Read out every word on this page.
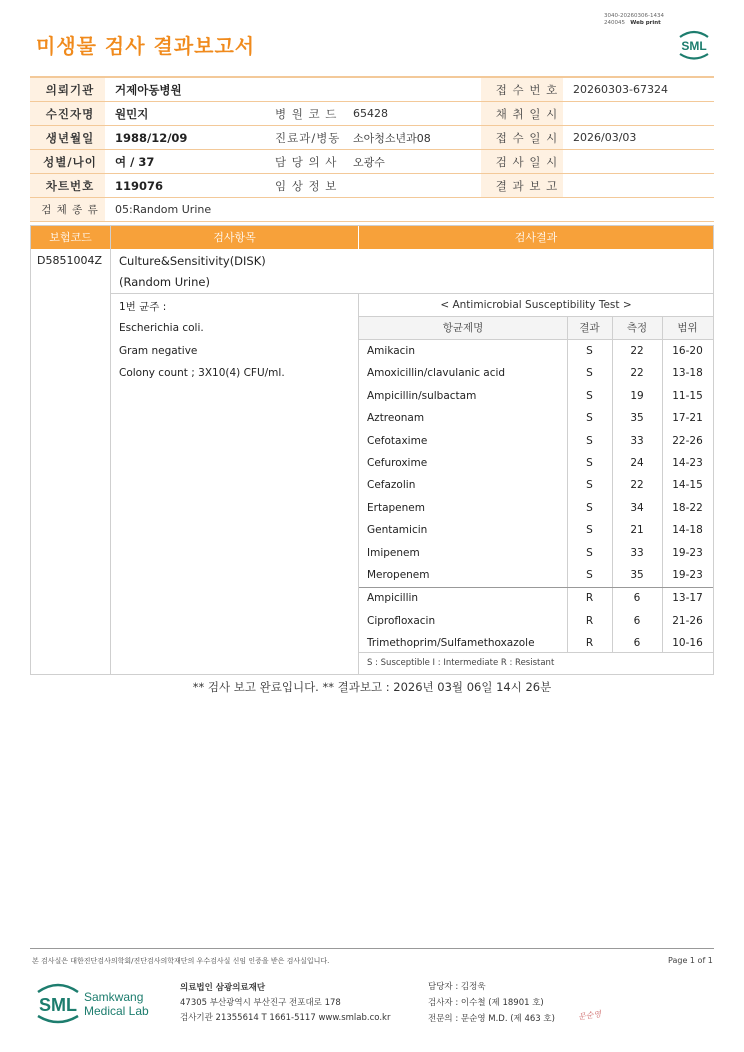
미생물 검사 결과보고서
3040-20260306-1434
240045 Web print
SML
의뢰기관	거제아동병원			접 수 번 호	20260303-67324
수진자명	원민지	병 원 코 드	65428	채 취 일 시	
생년월일	1988/12/09	진료과/병동	소아청소년과08	접 수 일 시	2026/03/03
성별/나이	여 / 37	담 당 의 사	오광수	검 사 일 시	
차트번호	119076	임 상 정 보		결 과 보 고	
검 체 종 류	05:Random Urine				
보험코드	검사항목	검사결과
D5851004Z Culture&Sensitivity(DISK)
(Random Urine)
1번 균주 :
Escherichia coli.
Gram negative
Colony count ; 3X10(4) CFU/ml.
< Antimicrobial Susceptibility Test >
항균제명	결과	측정	범위
Amikacin	S	22	16-20
Amoxicillin/clavulanic acid	S	22	13-18
Ampicillin/sulbactam	S	19	11-15
Aztreonam	S	35	17-21
Cefotaxime	S	33	22-26
Cefuroxime	S	24	14-23
Cefazolin	S	22	14-15
Ertapenem	S	34	18-22
Gentamicin	S	21	14-18
Imipenem	S	33	19-23
Meropenem	S	35	19-23
Ampicillin	R	6	13-17
Ciprofloxacin	R	6	21-26
Trimethoprim/Sulfamethoxazole	R	6	10-16
S : Susceptible I : Intermediate R : Resistant
** 검사 보고 완료입니다. ** 결과보고 : 2026년 03월 06일 14시 26분
본 검사실은 대한진단검사의학회/진단검사의학재단의 우수검사실 신임 인증을 받은 검사실입니다.	Page 1 of 1
SML Samkwang
Medical Lab
의료법인 삼광의료재단
47305 부산광역시 부산진구 전포대로 178
검사기관 21355614 T 1661-5117 www.smlab.co.kr
담당자 : 김정욱
검사자 : 이수철 (제 18901 호)
전문의 : 문순영 M.D. (제 463 호)	문순영
